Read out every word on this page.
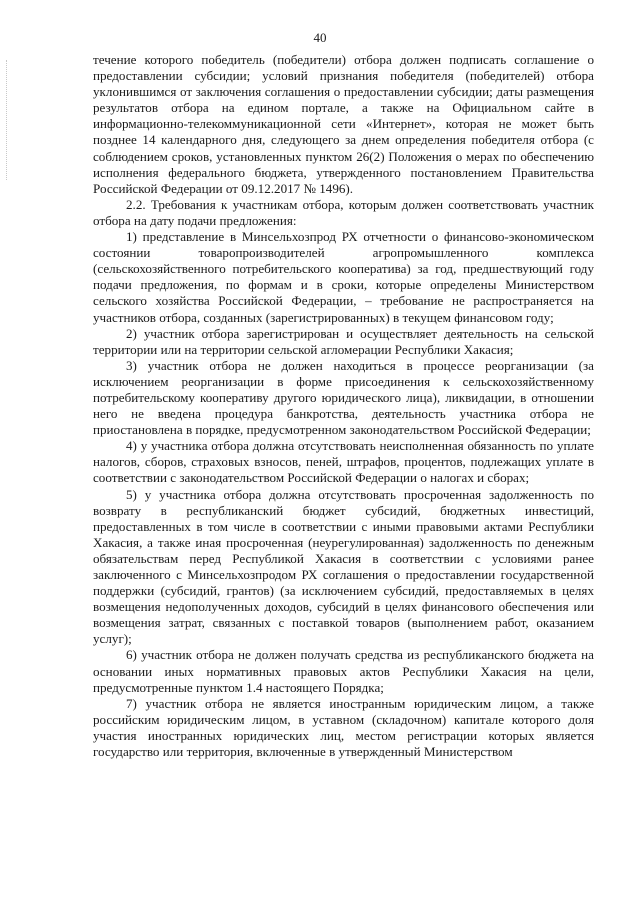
40

течение которого победитель (победители) отбора должен подписать соглашение о предоставлении субсидии; условий признания победителя (победителей) отбора уклонившимся от заключения соглашения о предоставлении субсидии; даты размещения результатов отбора на едином портале, а также на Официальном сайте в информационно-телекоммуникационной сети «Интернет», которая не может быть позднее 14 календарного дня, следующего за днем определения победителя отбора (с соблюдением сроков, установленных пунктом 26(2) Положения о мерах по обеспечению исполнения федерального бюджета, утвержденного постановлением Правительства Российской Федерации от 09.12.2017 № 1496).

2.2. Требования к участникам отбора, которым должен соответствовать участник отбора на дату подачи предложения:

1) представление в Минсельхозпрод РХ отчетности о финансово-экономическом состоянии товаропроизводителей агропромышленного комплекса (сельскохозяйственного потребительского кооператива) за год, предшествующий году подачи предложения, по формам и в сроки, которые определены Министерством сельского хозяйства Российской Федерации, – требование не распространяется на участников отбора, созданных (зарегистрированных) в текущем финансовом году;

2) участник отбора зарегистрирован и осуществляет деятельность на сельской территории или на территории сельской агломерации Республики Хакасия;

3) участник отбора не должен находиться в процессе реорганизации (за исключением реорганизации в форме присоединения к сельскохозяйственному потребительскому кооперативу другого юридического лица), ликвидации, в отношении него не введена процедура банкротства, деятельность участника отбора не приостановлена в порядке, предусмотренном законодательством Российской Федерации;

4) у участника отбора должна отсутствовать неисполненная обязанность по уплате налогов, сборов, страховых взносов, пеней, штрафов, процентов, подлежащих уплате в соответствии с законодательством Российской Федерации о налогах и сборах;

5) у участника отбора должна отсутствовать просроченная задолженность по возврату в республиканский бюджет субсидий, бюджетных инвестиций, предоставленных в том числе в соответствии с иными правовыми актами Республики Хакасия, а также иная просроченная (неурегулированная) задолженность по денежным обязательствам перед Республикой Хакасия в соответствии с условиями ранее заключенного с Минсельхозпродом РХ соглашения о предоставлении государственной поддержки (субсидий, грантов) (за исключением субсидий, предоставляемых в целях возмещения недополученных доходов, субсидий в целях финансового обеспечения или возмещения затрат, связанных с поставкой товаров (выполнением работ, оказанием услуг);

6) участник отбора не должен получать средства из республиканского бюджета на основании иных нормативных правовых актов Республики Хакасия на цели, предусмотренные пунктом 1.4 настоящего Порядка;

7) участник отбора не является иностранным юридическим лицом, а также российским юридическим лицом, в уставном (складочном) капитале которого доля участия иностранных юридических лиц, местом регистрации которых является государство или территория, включенные в утвержденный Министерством
